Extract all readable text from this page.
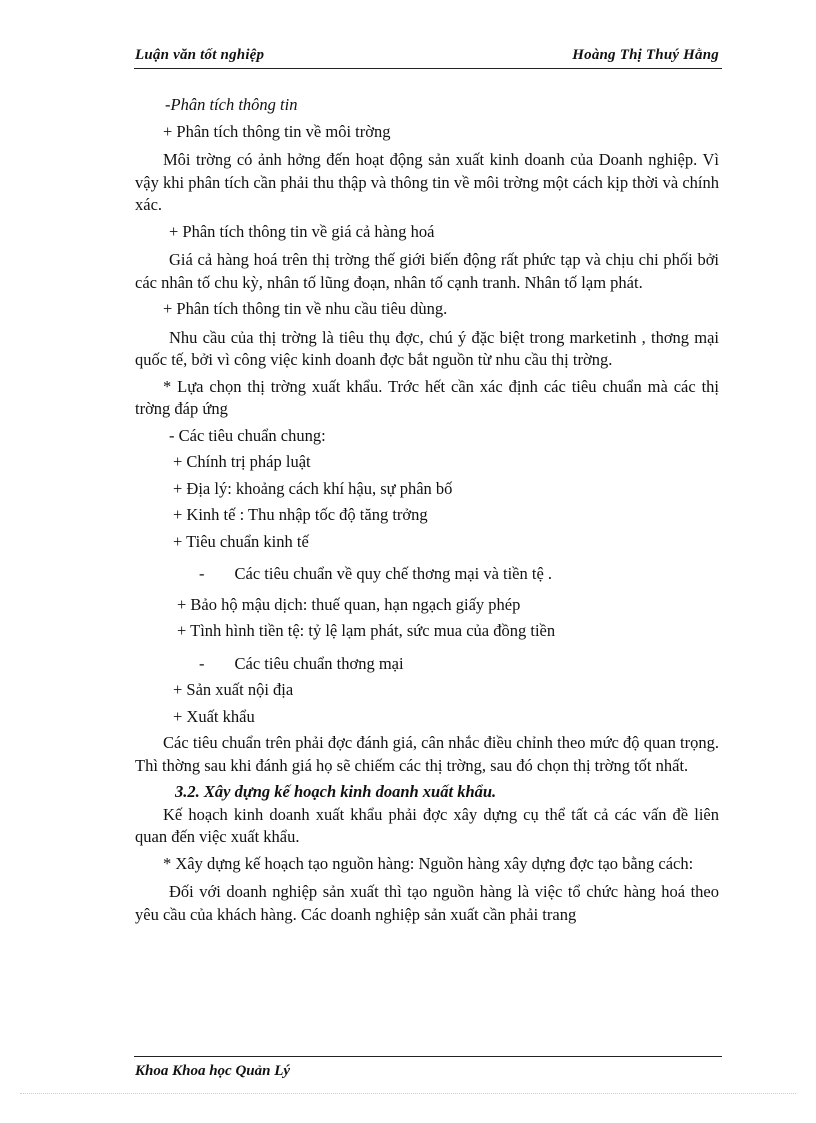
Luận văn tốt nghiệp	Hoàng Thị Thuý Hằng

-Phân tích thông tin

+ Phân tích thông tin về môi trờng

Môi trờng có ảnh hởng đến hoạt động sản xuất kinh doanh của Doanh nghiệp. Vì vậy khi phân tích cần phải thu thập và thông tin về môi trờng một cách kịp thời và chính xác.

+ Phân tích thông tin về giá cả hàng hoá

Giá cả hàng hoá trên thị trờng thế giới biến động rất phức tạp và chịu chi phối bởi các nhân tố chu kỳ, nhân tố lũng đoạn, nhân tố cạnh tranh. Nhân tố lạm phát.

+ Phân tích thông tin về nhu cầu tiêu dùng.

Nhu cầu của thị trờng là tiêu thụ đợc, chú ý đặc biệt trong marketinh , thơng mại quốc tế, bởi vì công việc kinh doanh đợc bắt nguồn từ nhu cầu thị trờng.

* Lựa chọn thị trờng xuất khẩu. Trớc hết cần xác định các tiêu chuẩn mà các thị trờng đáp ứng

- Các tiêu chuẩn chung:

+ Chính trị pháp luật

+ Địa lý: khoảng cách khí hậu, sự phân bố

+ Kinh tế : Thu nhập tốc độ tăng trởng

+ Tiêu chuẩn kinh tế

- Các tiêu chuẩn về quy chế thơng mại và tiền tệ .

+ Bảo hộ mậu dịch: thuế quan, hạn ngạch giấy phép

+ Tình hình tiền tệ: tỷ lệ lạm phát, sức mua của đồng tiền

- Các tiêu chuẩn thơng mại

+ Sản xuất nội địa

+ Xuất khẩu

Các tiêu chuẩn trên phải đợc đánh giá, cân nhắc điều chỉnh theo mức độ quan trọng. Thì thờng sau khi đánh giá họ sẽ chiếm các thị trờng, sau đó chọn thị trờng tốt nhất.

3.2. Xây dựng kế hoạch kinh doanh xuất khẩu.

Kế hoạch kinh doanh xuất khẩu phải đợc xây dựng cụ thể tất cả các vấn đề liên quan đến việc xuất khẩu.

* Xây dựng kế hoạch tạo nguồn hàng: Nguồn hàng xây dựng đợc tạo bằng cách:

Đối với doanh nghiệp sản xuất thì tạo nguồn hàng là việc tổ chức hàng hoá theo yêu cầu của khách hàng. Các doanh nghiệp sản xuất cần phải trang

Khoa Khoa học Quản Lý
